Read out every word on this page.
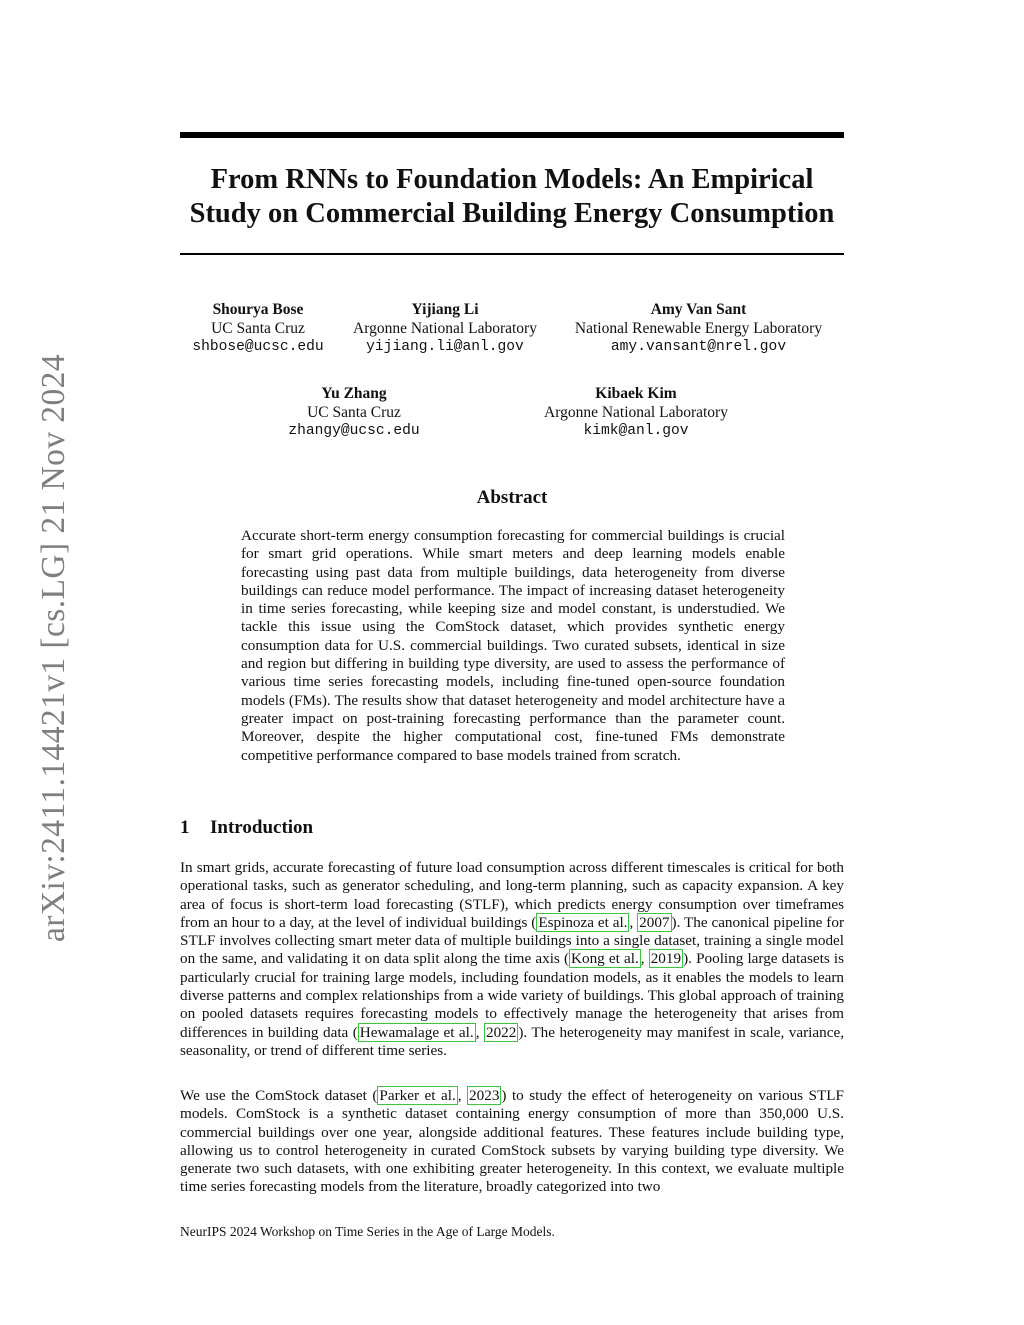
arXiv:2411.14421v1 [cs.LG] 21 Nov 2024
From RNNs to Foundation Models: An Empirical
Study on Commercial Building Energy Consumption
Shourya Bose
UC Santa Cruz
shbose@ucsc.edu
Yijiang Li
Argonne National Laboratory
yijiang.li@anl.gov
Amy Van Sant
National Renewable Energy Laboratory
amy.vansant@nrel.gov
Yu Zhang
UC Santa Cruz
zhangy@ucsc.edu
Kibaek Kim
Argonne National Laboratory
kimk@anl.gov
Abstract

Accurate short-term energy consumption forecasting for commercial buildings is crucial for smart grid operations. While smart meters and deep learning models enable forecasting using past data from multiple buildings, data heterogeneity from diverse buildings can reduce model performance. The impact of increasing dataset heterogeneity in time series forecasting, while keeping size and model constant, is understudied. We tackle this issue using the ComStock dataset, which provides synthetic energy consumption data for U.S. commercial buildings. Two curated subsets, identical in size and region but differing in building type diversity, are used to assess the performance of various time series forecasting models, including fine-tuned open-source foundation models (FMs). The results show that dataset heterogeneity and model architecture have a greater impact on post-training forecasting performance than the parameter count. Moreover, despite the higher computational cost, fine-tuned FMs demonstrate competitive performance compared to base models trained from scratch.

1 Introduction

In smart grids, accurate forecasting of future load consumption across different timescales is critical for both operational tasks, such as generator scheduling, and long-term planning, such as capacity expansion. A key area of focus is short-term load forecasting (STLF), which predicts energy consumption over timeframes from an hour to a day, at the level of individual buildings ( Espinoza et al. , 2007 ). The canonical pipeline for STLF involves collecting smart meter data of multiple buildings into a single dataset, training a single model on the same, and validating it on data split along the time axis ( Kong et al. , 2019 ). Pooling large datasets is particularly crucial for training large models, including foundation models, as it enables the models to learn diverse patterns and complex relationships from a wide variety of buildings. This global approach of training on pooled datasets requires forecasting models to effectively manage the heterogeneity that arises from differences in building data ( Hewamalage et al. , 2022 ). The heterogeneity may manifest in scale, variance, seasonality, or trend of different time series.

We use the ComStock dataset ( Parker et al. , 2023 ) to study the effect of heterogeneity on various STLF models. ComStock is a synthetic dataset containing energy consumption of more than 350,000 U.S. commercial buildings over one year, alongside additional features. These features include building type, allowing us to control heterogeneity in curated ComStock subsets by varying building type diversity. We generate two such datasets, with one exhibiting greater heterogeneity. In this context, we evaluate multiple time series forecasting models from the literature, broadly categorized into two

NeurIPS 2024 Workshop on Time Series in the Age of Large Models.
